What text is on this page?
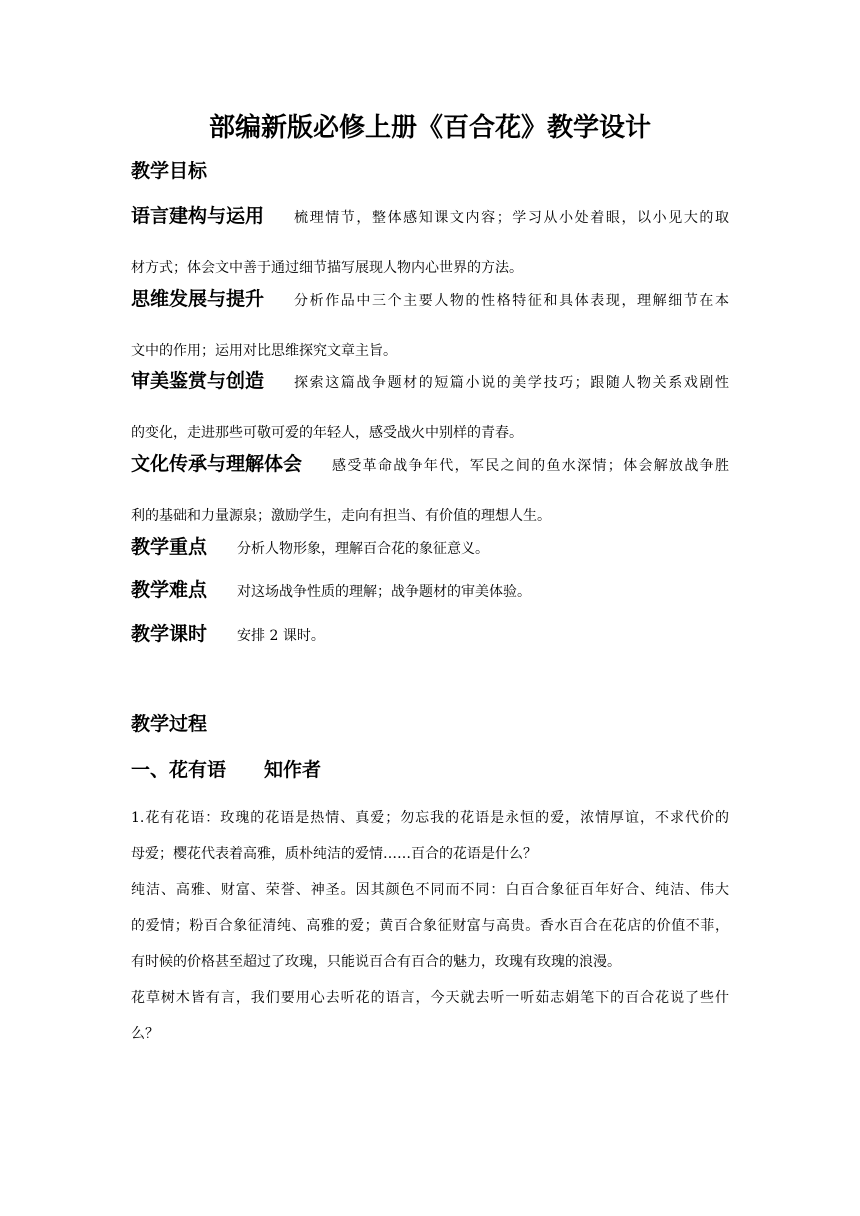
部编新版必修上册《百合花》教学设计
教学目标
语言建构与运用 梳理情节，整体感知课文内容；学习从小处着眼，以小见大的取
材方式；体会文中善于通过细节描写展现人物内心世界的方法。
思维发展与提升 分析作品中三个主要人物的性格特征和具体表现，理解细节在本
文中的作用；运用对比思维探究文章主旨。
审美鉴赏与创造 探索这篇战争题材的短篇小说的美学技巧；跟随人物关系戏剧性
的变化，走进那些可敬可爱的年轻人，感受战火中别样的青春。
文化传承与理解体会 感受革命战争年代，军民之间的鱼水深情；体会解放战争胜
利的基础和力量源泉；激励学生，走向有担当、有价值的理想人生。
教学重点 分析人物形象，理解百合花的象征意义。
教学难点 对这场战争性质的理解；战争题材的审美体验。
教学课时 安排 2 课时。
教学过程
一、花有语　　知作者
1.花有花语：玫瑰的花语是热情、真爱；勿忘我的花语是永恒的爱，浓情厚谊，不求代价的
母爱；樱花代表着高雅，质朴纯洁的爱情……百合的花语是什么？
纯洁、高雅、财富、荣誉、神圣。因其颜色不同而不同：白百合象征百年好合、纯洁、伟大
的爱情；粉百合象征清纯、高雅的爱；黄百合象征财富与高贵。香水百合在花店的价值不菲，
有时候的价格甚至超过了玫瑰，只能说百合有百合的魅力，玫瑰有玫瑰的浪漫。
花草树木皆有言，我们要用心去听花的语言，今天就去听一听茹志娟笔下的百合花说了些什
么？
